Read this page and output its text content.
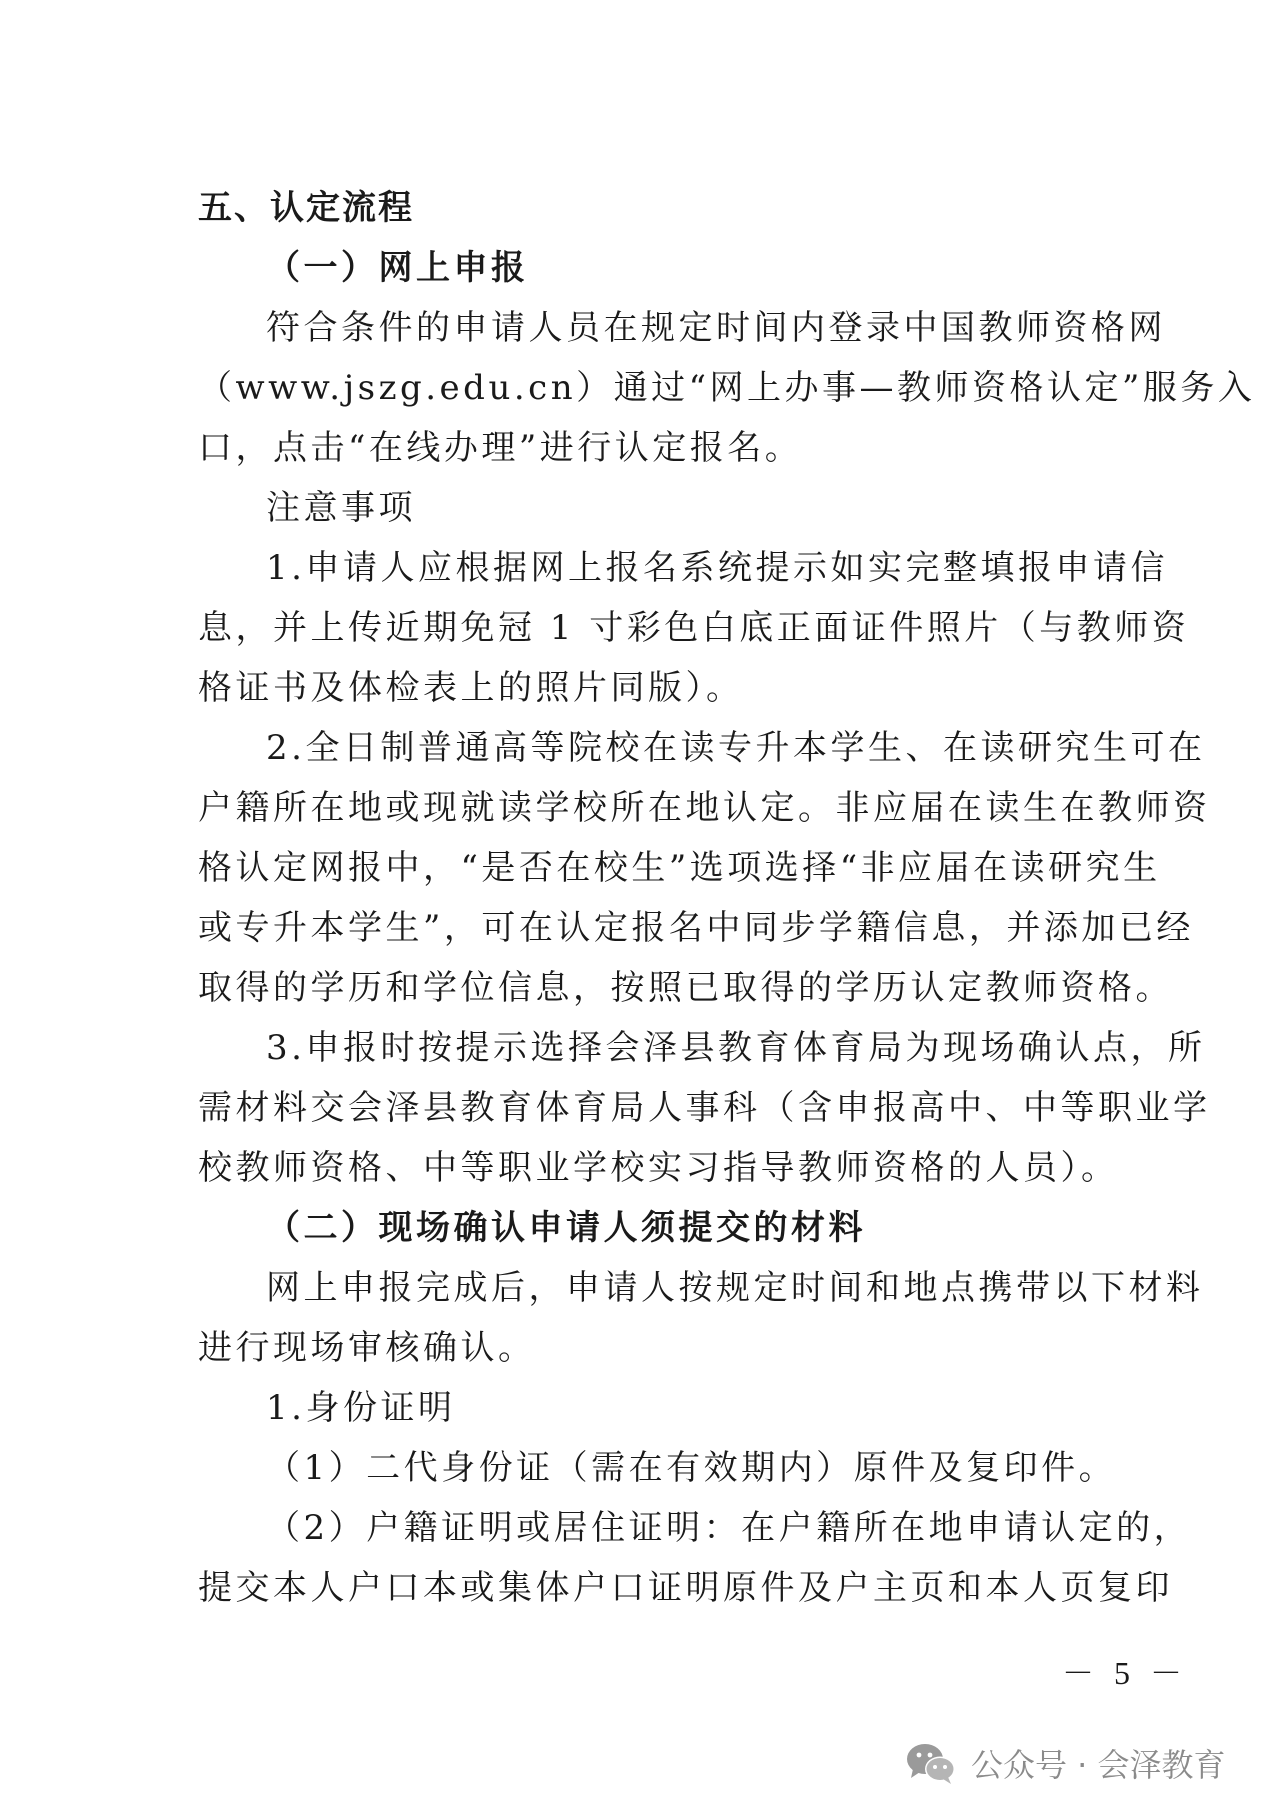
五、认定流程
（一）网上申报
符合条件的申请人员在规定时间内登录中国教师资格网
（www.jszg.edu.cn）通过“网上办事—教师资格认定”服务入
口，点击“在线办理”进行认定报名。
注意事项
1.申请人应根据网上报名系统提示如实完整填报申请信
息，并上传近期免冠 1 寸彩色白底正面证件照片（与教师资
格证书及体检表上的照片同版）。
2.全日制普通高等院校在读专升本学生、在读研究生可在
户籍所在地或现就读学校所在地认定。非应届在读生在教师资
格认定网报中，“是否在校生”选项选择“非应届在读研究生
或专升本学生”，可在认定报名中同步学籍信息，并添加已经
取得的学历和学位信息，按照已取得的学历认定教师资格。
3.申报时按提示选择会泽县教育体育局为现场确认点，所
需材料交会泽县教育体育局人事科（含申报高中、中等职业学
校教师资格、中等职业学校实习指导教师资格的人员）。
（二）现场确认申请人须提交的材料
网上申报完成后，申请人按规定时间和地点携带以下材料
进行现场审核确认。
1.身份证明
（1）二代身份证（需在有效期内）原件及复印件。
（2）户籍证明或居住证明：在户籍所在地申请认定的，
提交本人户口本或集体户口证明原件及户主页和本人页复印
－ 5 －
公众号 · 会泽教育
